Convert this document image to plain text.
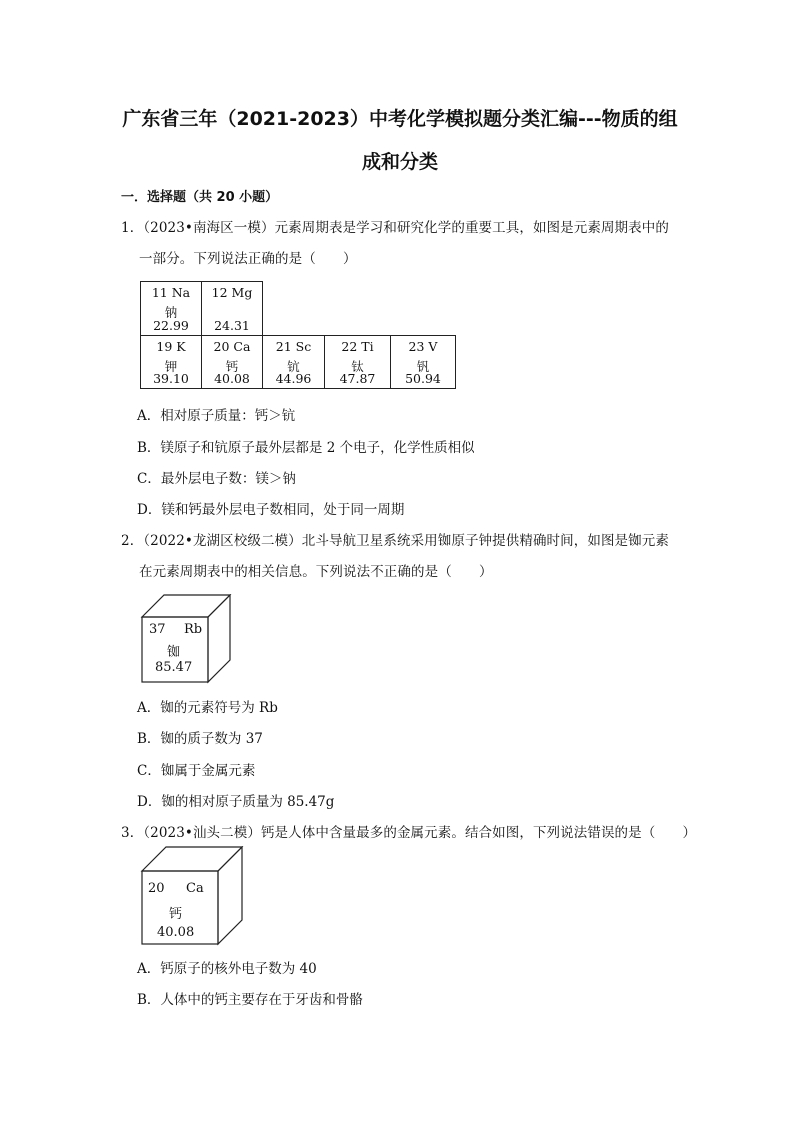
广东省三年（2021-2023）中考化学模拟题分类汇编---物质的组
成和分类
一．选择题（共 20 小题）
1．（2023•南海区一模）元素周期表是学习和研究化学的重要工具，如图是元素周期表中的
一部分。下列说法正确的是（　　）
11 Na
钠
22.99
12 Mg
24.31
19 K
钾
39.10
20 Ca
钙
40.08
21 Sc
钪
44.96
22 Ti
钛
47.87
23 V
钒
50.94
A．相对原子质量：钙＞钪
B．镁原子和钪原子最外层都是 2 个电子，化学性质相似
C．最外层电子数：镁＞钠
D．镁和钙最外层电子数相同，处于同一周期
2．（2022•龙湖区校级二模）北斗导航卫星系统采用铷原子钟提供精确时间，如图是铷元素
在元素周期表中的相关信息。下列说法不正确的是（　　）
37 Rb
铷
85.47
A．铷的元素符号为 Rb
B．铷的质子数为 37
C．铷属于金属元素
D．铷的相对原子质量为 85.47g
3．（2023•汕头二模）钙是人体中含量最多的金属元素。结合如图，下列说法错误的是（　　）
20 Ca
钙
40.08
A．钙原子的核外电子数为 40
B．人体中的钙主要存在于牙齿和骨骼
